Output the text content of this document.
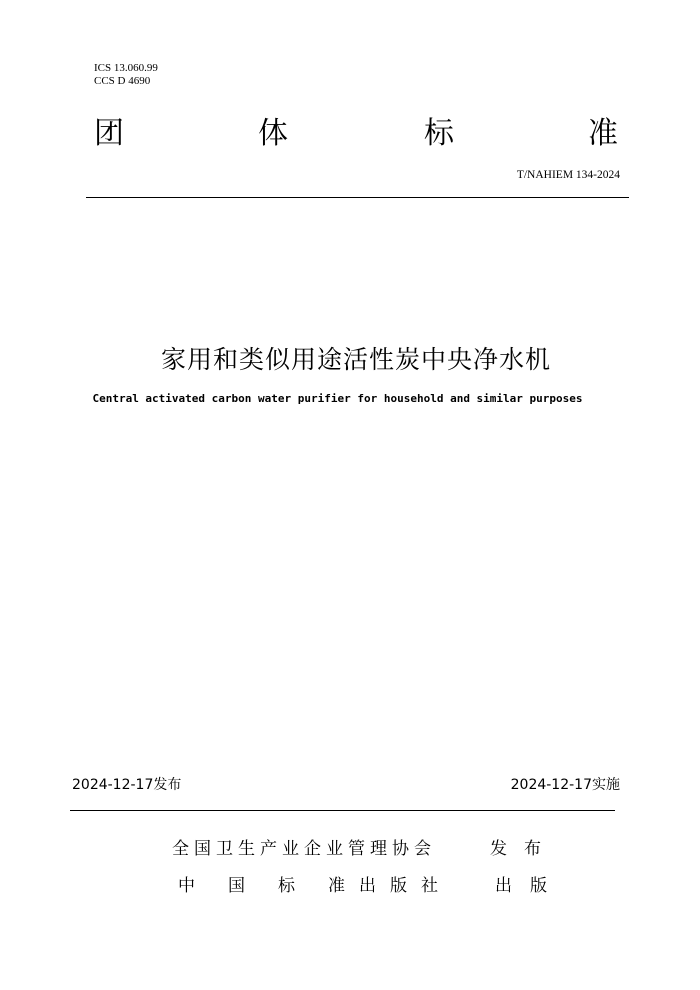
ICS 13.060.99
CCS D 4690
团	体	标	准
T/NAHIEM 134-2024
家用和类似用途活性炭中央净水机
Central activated carbon water purifier for household and similar purposes
2024-12-17发布	2024-12-17实施
全国卫生产业企业管理协会	发布
中 国 标 准 出 版 社	出版
